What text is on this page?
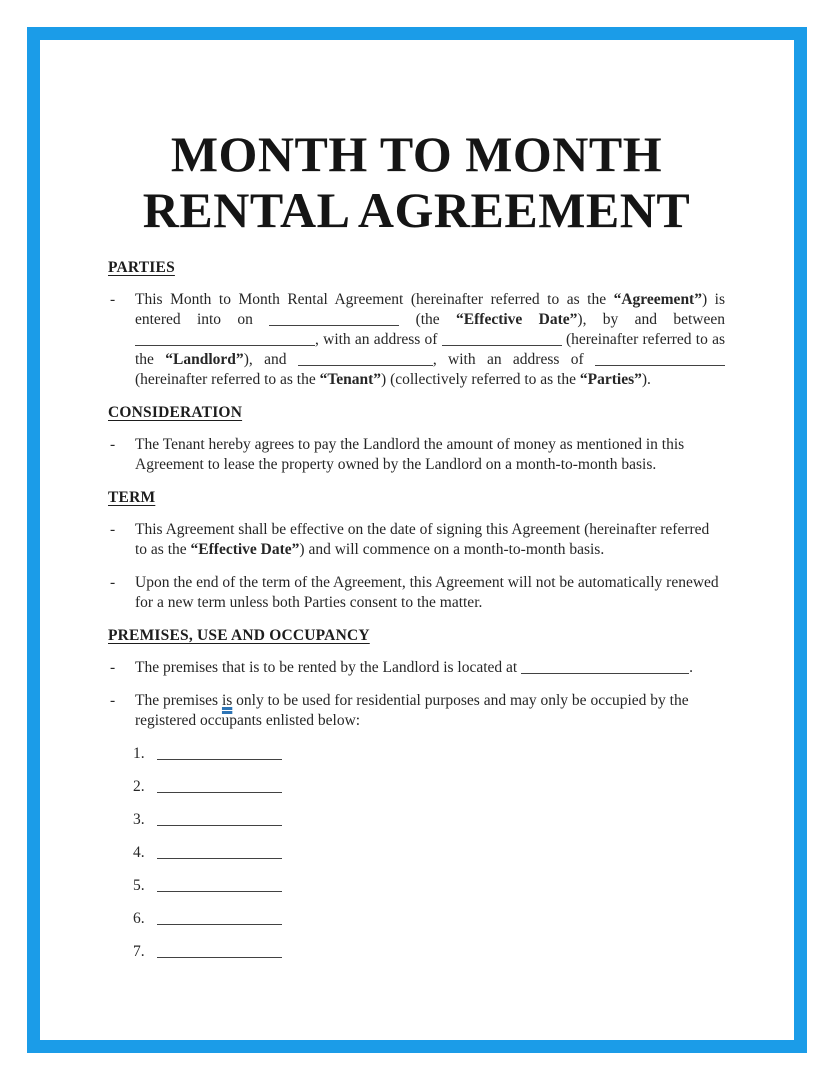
MONTH TO MONTH
RENTAL AGREEMENT
PARTIES
- This Month to Month Rental Agreement (hereinafter referred to as the “Agreement”) is entered into on	(the “Effective Date”), by and between , with an address of	(hereinafter referred to as the “Landlord”), and	, with an address of  (hereinafter referred to as the “Tenant”) (collectively referred to as the “Parties”).
CONSIDERATION
- The Tenant hereby agrees to pay the Landlord the amount of money as mentioned in this Agreement to lease the property owned by the Landlord on a month-to-month basis.
TERM
- This Agreement shall be effective on the date of signing this Agreement (hereinafter referred to as the “Effective Date”) and will commence on a month-to-month basis.
- Upon the end of the term of the Agreement, this Agreement will not be automatically renewed for a new term unless both Parties consent to the matter.
PREMISES, USE AND OCCUPANCY
- The premises that is to be rented by the Landlord is located at	.
- The premises is only to be used for residential purposes and may only be occupied by the registered occupants enlisted below:
1.
2.
3.
4.
5.
6.
7.
